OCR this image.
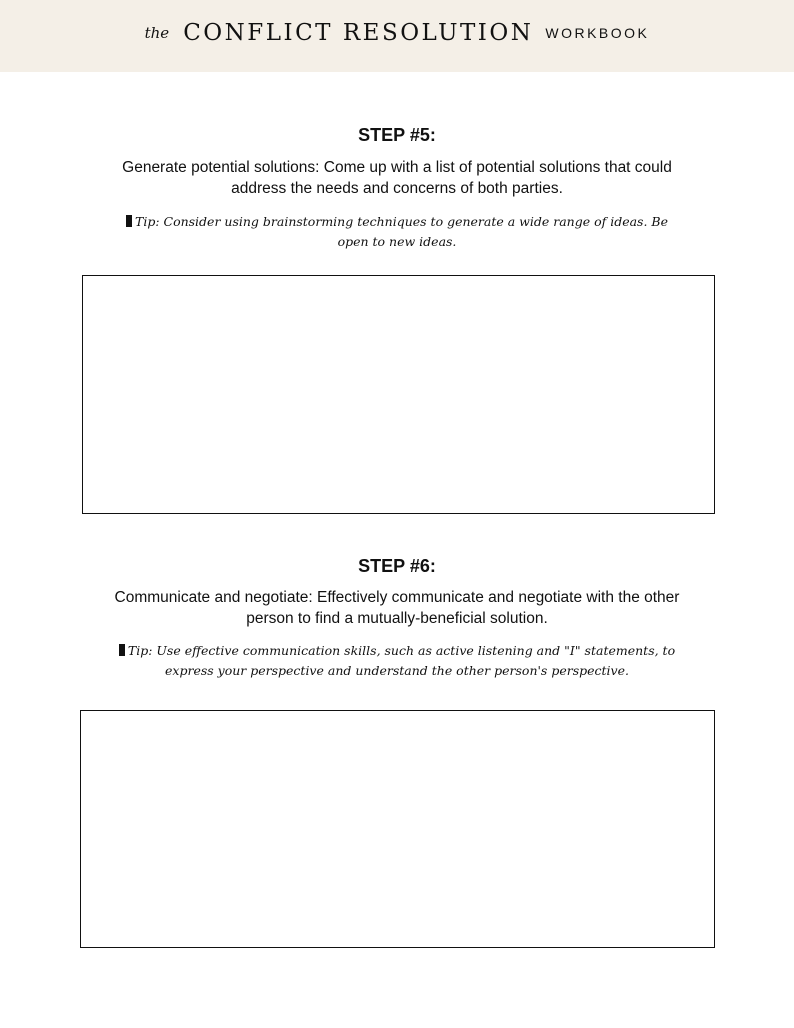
the CONFLICT RESOLUTION WORKBOOK
STEP #5:
Generate potential solutions: Come up with a list of potential solutions that could address the needs and concerns of both parties.
Tip: Consider using brainstorming techniques to generate a wide range of ideas. Be open to new ideas.
STEP #6:
Communicate and negotiate: Effectively communicate and negotiate with the other person to find a mutually-beneficial solution.
Tip: Use effective communication skills, such as active listening and "I" statements, to express your perspective and understand the other person's perspective.
